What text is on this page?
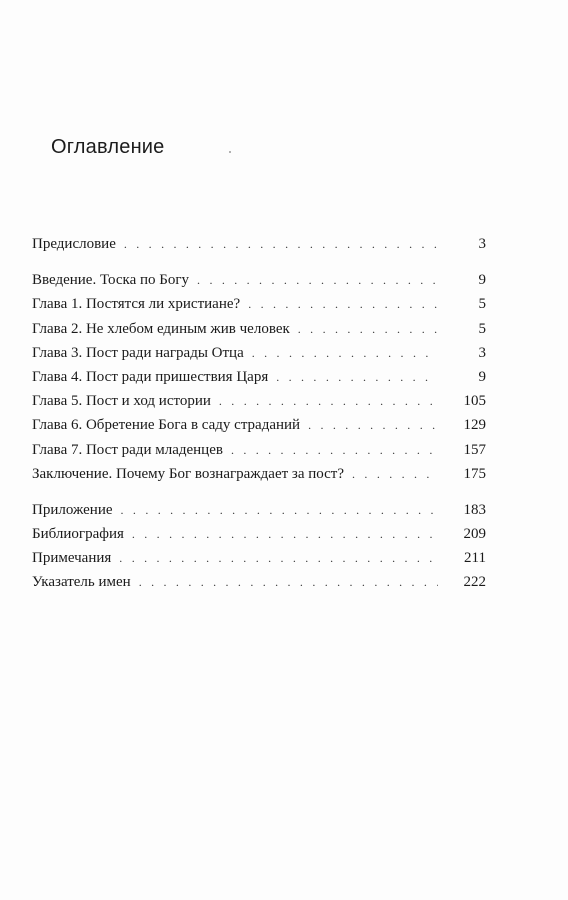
Оглавление
Предисловие . . .	3
Введение. Тоска по Богу . . .	9
Глава 1. Постятся ли христиане? . . .	5
Глава 2. Не хлебом единым жив человек . . .	5
Глава 3. Пост ради награды Отца . . .	3
Глава 4. Пост ради пришествия Царя . . .	9
Глава 5. Пост и ход истории . . .	105
Глава 6. Обретение Бога в саду страданий . . .	129
Глава 7. Пост ради младенцев . . .	157
Заключение. Почему Бог вознаграждает за пост? . . .	175
Приложение . . .	183
Библиография . . .	209
Примечания . . .	211
Указатель имен . . .	222
